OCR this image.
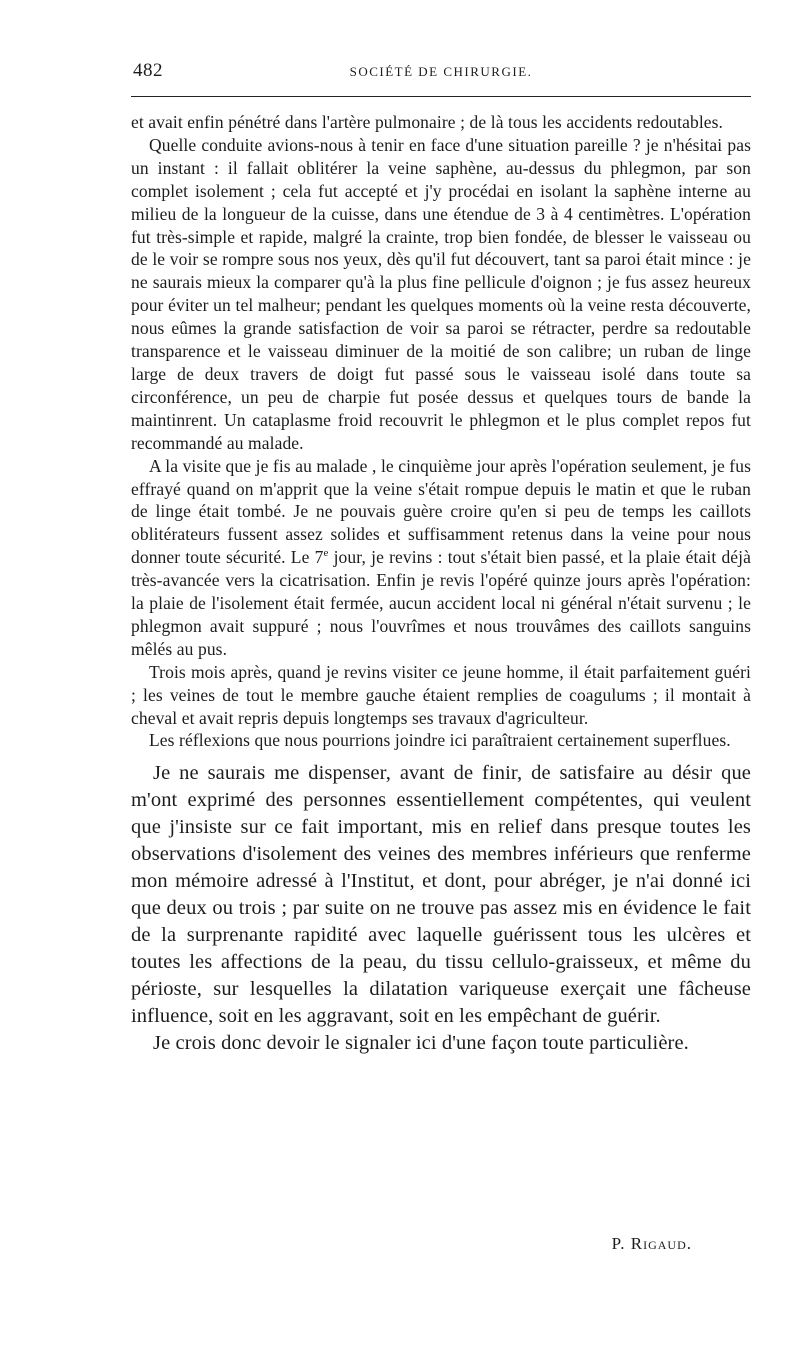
482	SOCIÉTÉ DE CHIRURGIE.

et avait enfin pénétré dans l'artère pulmonaire ; de là tous les accidents redoutables.

Quelle conduite avions-nous à tenir en face d'une situation pareille ? je n'hésitai pas un instant : il fallait oblitérer la veine saphène, au-dessus du phlegmon, par son complet isolement ; cela fut accepté et j'y procédai en isolant la saphène interne au milieu de la longueur de la cuisse, dans une étendue de 3 à 4 centimètres. L'opération fut très-simple et rapide, malgré la crainte, trop bien fondée, de blesser le vaisseau ou de le voir se rompre sous nos yeux, dès qu'il fut découvert, tant sa paroi était mince : je ne saurais mieux la comparer qu'à la plus fine pellicule d'oignon ; je fus assez heureux pour éviter un tel malheur; pendant les quelques moments où la veine resta découverte, nous eûmes la grande satisfaction de voir sa paroi se rétracter, perdre sa redoutable transparence et le vaisseau diminuer de la moitié de son calibre; un ruban de linge large de deux travers de doigt fut passé sous le vaisseau isolé dans toute sa circonférence, un peu de charpie fut posée dessus et quelques tours de bande la maintinrent. Un cataplasme froid recouvrit le phlegmon et le plus complet repos fut recommandé au malade.

A la visite que je fis au malade , le cinquième jour après l'opération seulement, je fus effrayé quand on m'apprit que la veine s'était rompue depuis le matin et que le ruban de linge était tombé. Je ne pouvais guère croire qu'en si peu de temps les caillots oblitérateurs fussent assez solides et suffisamment retenus dans la veine pour nous donner toute sécurité. Le 7e jour, je revins : tout s'était bien passé, et la plaie était déjà très-avancée vers la cicatrisation. Enfin je revis l'opéré quinze jours après l'opération: la plaie de l'isolement était fermée, aucun accident local ni général n'était survenu ; le phlegmon avait suppuré ; nous l'ouvrîmes et nous trouvâmes des caillots sanguins mêlés au pus.

Trois mois après, quand je revins visiter ce jeune homme, il était parfaitement guéri ; les veines de tout le membre gauche étaient remplies de coagulums ; il montait à cheval et avait repris depuis longtemps ses travaux d'agriculteur.

Les réflexions que nous pourrions joindre ici paraîtraient certainement superflues.

Je ne saurais me dispenser, avant de finir, de satisfaire au désir que m'ont exprimé des personnes essentiellement compétentes, qui veulent que j'insiste sur ce fait important, mis en relief dans presque toutes les observations d'isolement des veines des membres inférieurs que renferme mon mémoire adressé à l'Institut, et dont, pour abréger, je n'ai donné ici que deux ou trois ; par suite on ne trouve pas assez mis en évidence le fait de la surprenante rapidité avec laquelle guérissent tous les ulcères et toutes les affections de la peau, du tissu cellulo-graisseux, et même du périoste, sur lesquelles la dilatation variqueuse exerçait une fâcheuse influence, soit en les aggravant, soit en les empêchant de guérir.

Je crois donc devoir le signaler ici d'une façon toute particulière.

P. Rigaud.
